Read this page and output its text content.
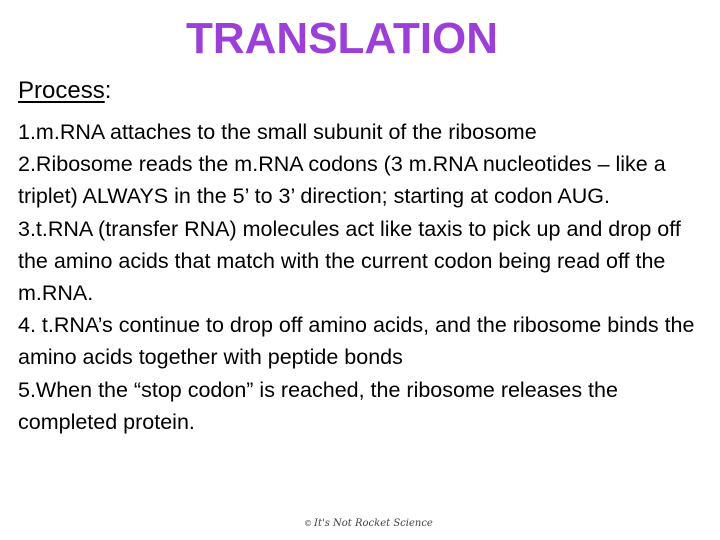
TRANSLATION
Process:
1.m.RNA attaches to the small subunit of the ribosome
2.Ribosome reads the m.RNA codons (3 m.RNA nucleotides – like a triplet) ALWAYS in the 5’ to 3’ direction; starting at codon AUG.
3.t.RNA (transfer RNA) molecules act like taxis to pick up and drop off the amino acids that match with the current codon being read off the m.RNA.
4. t.RNA’s continue to drop off amino acids, and the ribosome binds the amino acids together with peptide bonds
5.When the “stop codon” is reached, the ribosome releases the completed protein.
© It's Not Rocket Science
